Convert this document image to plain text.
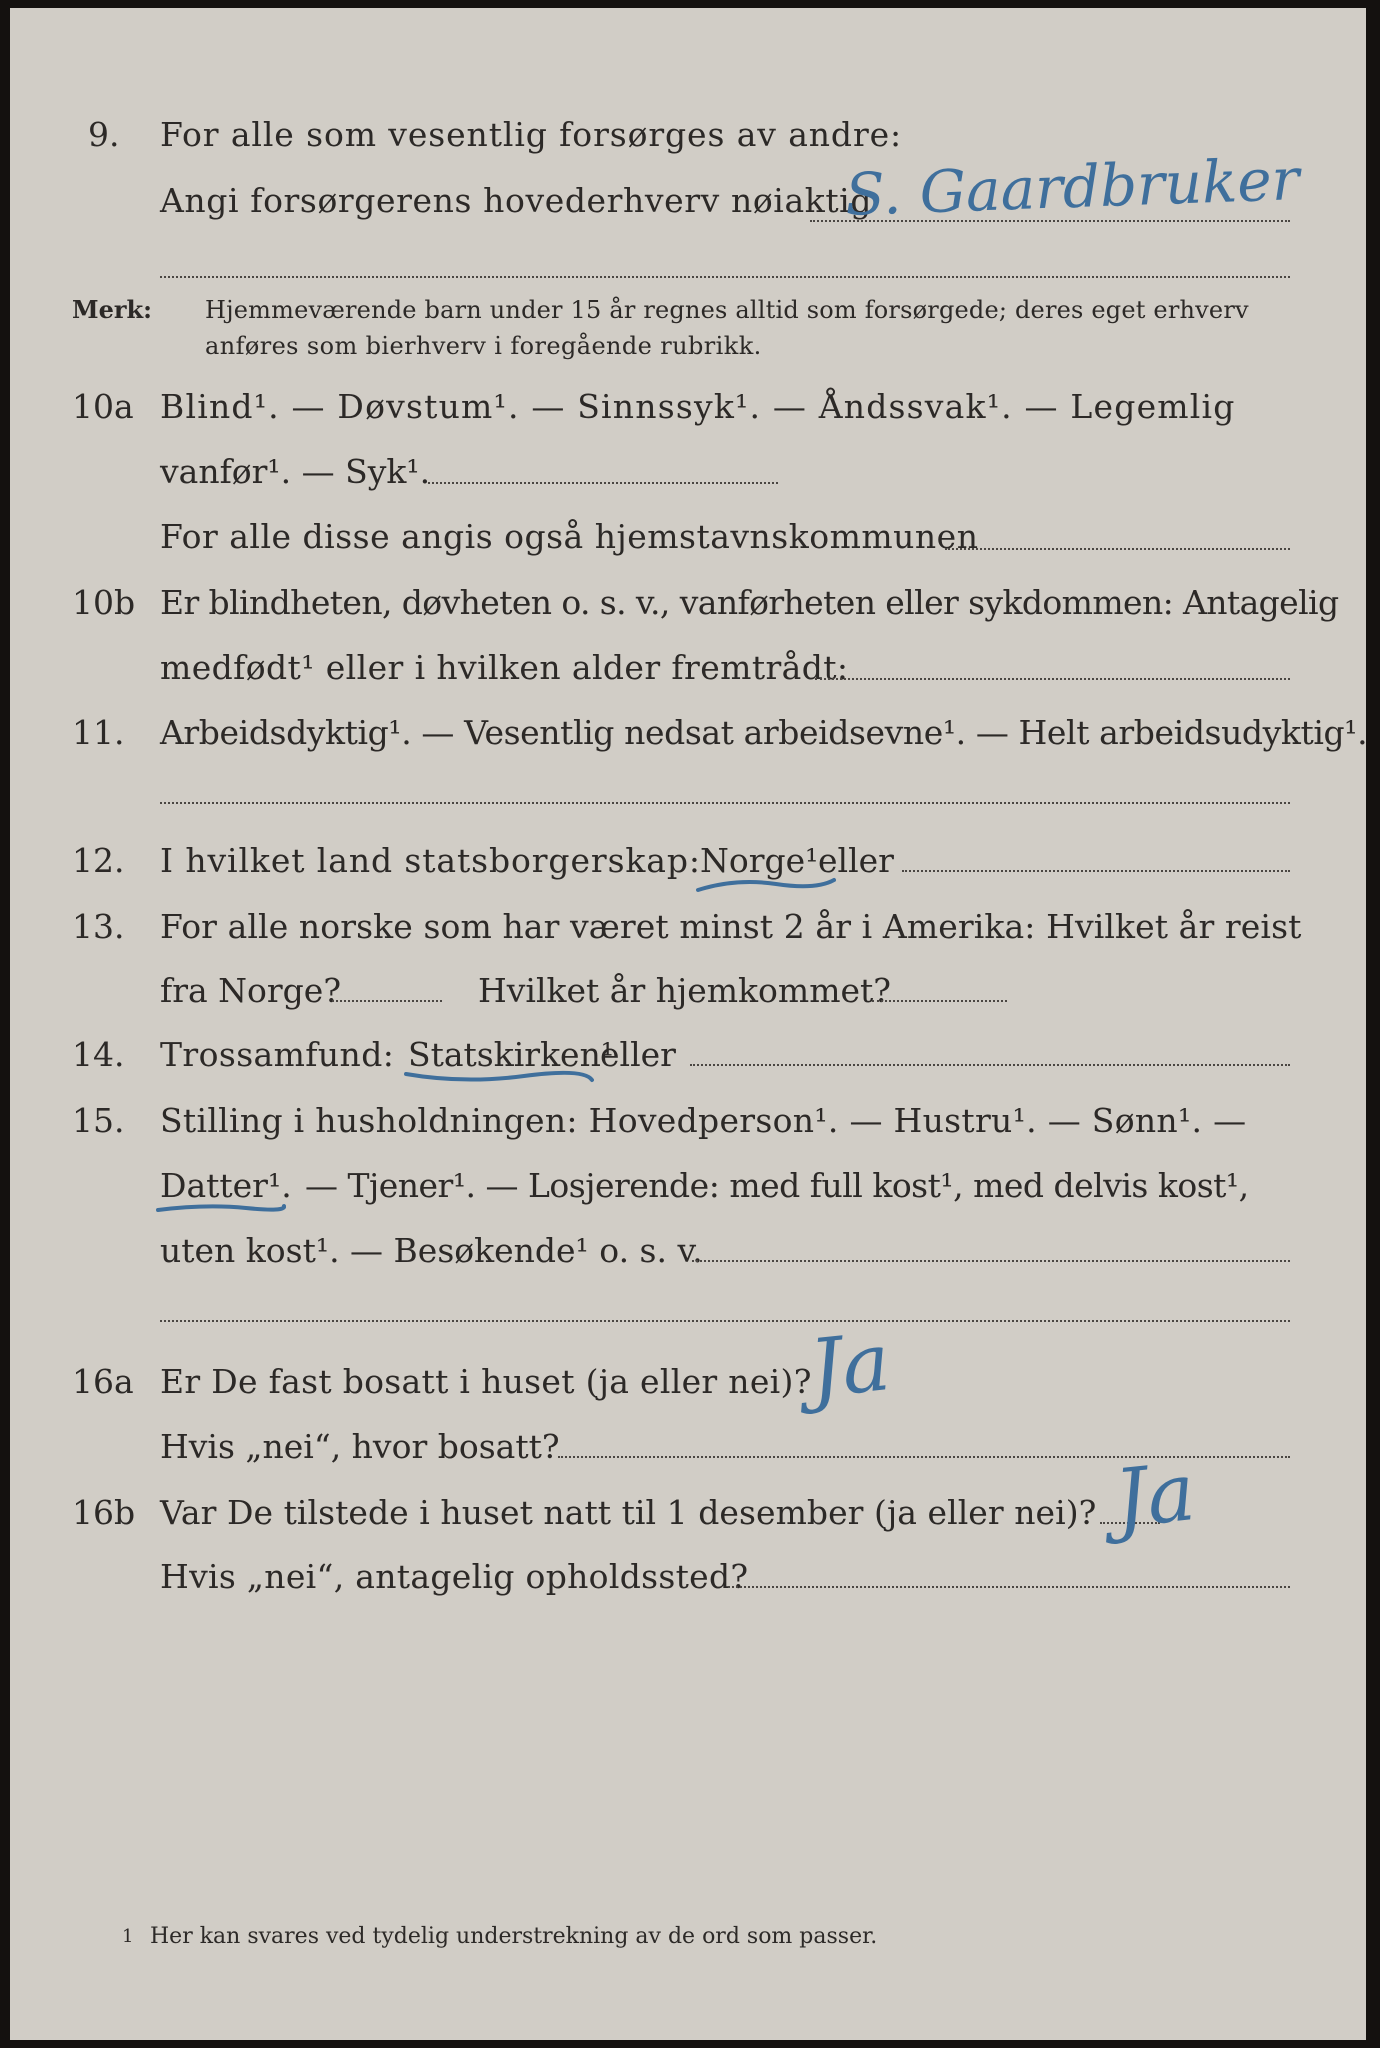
9. For alle som vesentlig forsørges av andre:
Angi forsørgerens hovederhverv nøiaktig
S. Gaardbruker
Merk: Hjemmeværende barn under 15 år regnes alltid som forsørgede; deres eget erhverv
anføres som bierhverv i foregående rubrikk.
10a Blind¹. — Døvstum¹. — Sinnssyk¹. — Åndssvak¹. — Legemlig
vanfør¹. — Syk¹.
For alle disse angis også hjemstavnskommunen
10b Er blindheten, døvheten o. s. v., vanførheten eller sykdommen: Antagelig
medfødt¹ eller i hvilken alder fremtrådt:
11. Arbeidsdyktig¹. — Vesentlig nedsat arbeidsevne¹. — Helt arbeidsudyktig¹.
12. I hvilket land statsborgerskap: Norge¹ eller
13. For alle norske som har været minst 2 år i Amerika: Hvilket år reist
fra Norge?	Hvilket år hjemkommet?
14. Trossamfund: Statskirken¹
eller
15. Stilling i husholdningen: Hovedperson¹. — Hustru¹. — Sønn¹. —
Datter¹. — Tjener¹. — Losjerende: med full kost¹, med delvis kost¹,
uten kost¹. — Besøkende¹ o. s. v.
16a Er De fast bosatt i huset (ja eller nei)?
Ja
Hvis „nei“, hvor bosatt?
16b Var De tilstede i huset natt til 1 desember (ja eller nei)? Ja
Hvis „nei“, antagelig opholdssted?
1 Her kan svares ved tydelig understrekning av de ord som passer.
